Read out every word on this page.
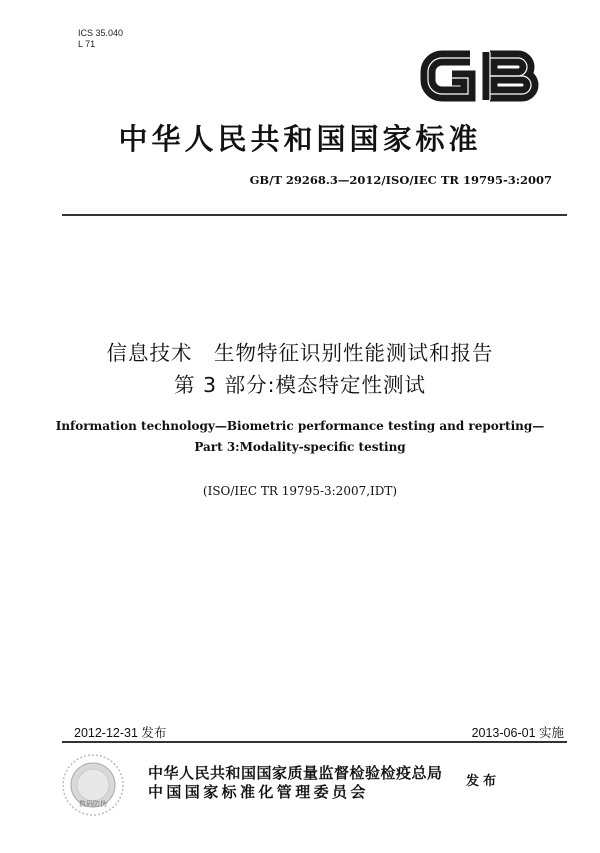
ICS 35.040
L 71
中华人民共和国国家标准
GB/T 29268.3—2012/ISO/IEC TR 19795-3:2007
信息技术　生物特征识别性能测试和报告
第 3 部分:模态特定性测试
Information technology—Biometric performance testing and reporting—
Part 3:Modality-specific testing
(ISO/IEC TR 19795-3:2007,IDT)
2012-12-31 发布	2013-06-01 实施
数码防伪
中华人民共和国国家质量监督检验检疫总局
中国国家标准化管理委员会
发布
